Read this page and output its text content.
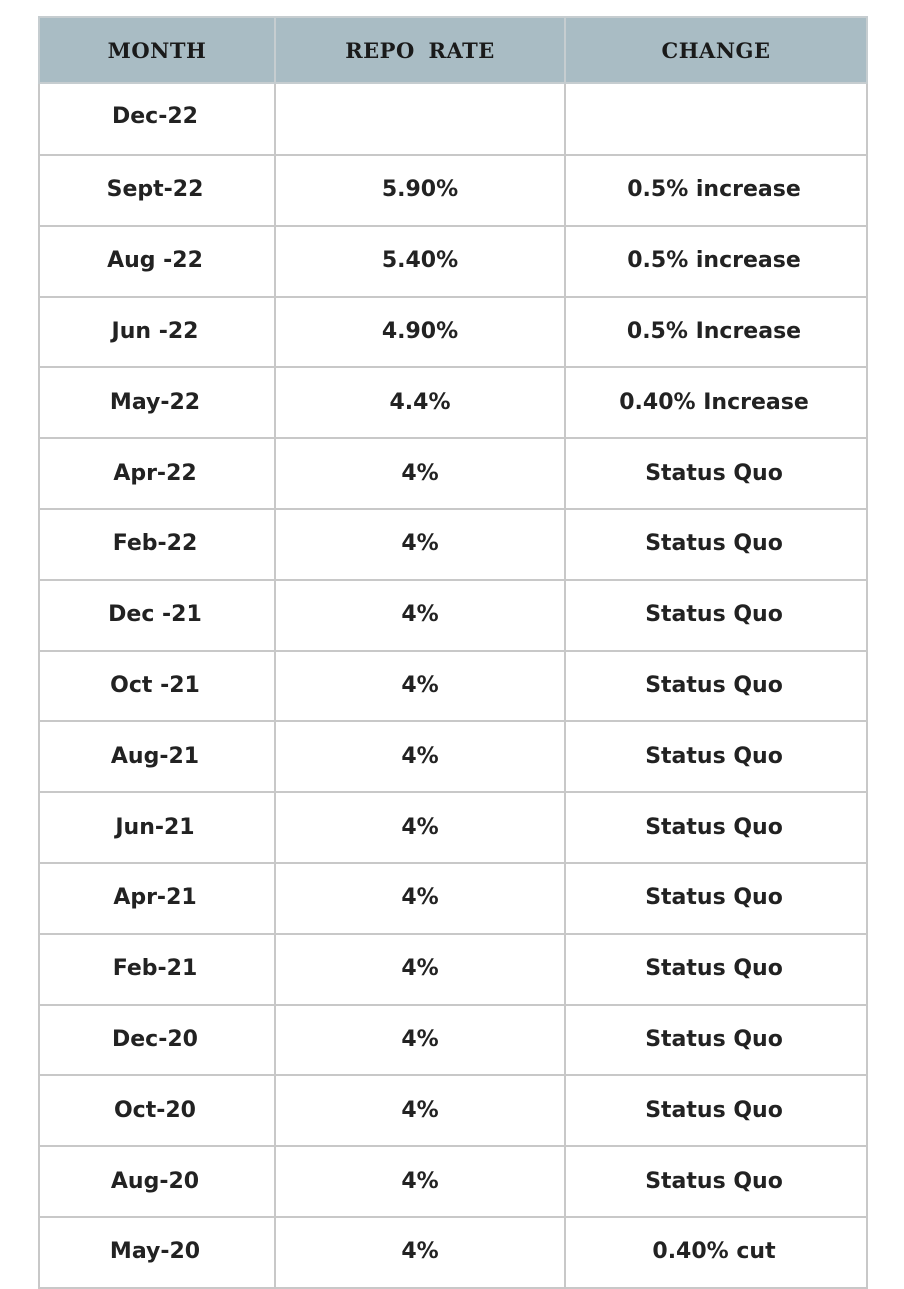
MONTH	REPO RATE	CHANGE
Dec-22		
Sept-22	5.90%	0.5% increase
Aug -22	5.40%	0.5% increase
Jun -22	4.90%	0.5% Increase
May-22	4.4%	0.40% Increase
Apr-22	4%	Status Quo
Feb-22	4%	Status Quo
Dec -21	4%	Status Quo
Oct -21	4%	Status Quo
Aug-21	4%	Status Quo
Jun-21	4%	Status Quo
Apr-21	4%	Status Quo
Feb-21	4%	Status Quo
Dec-20	4%	Status Quo
Oct-20	4%	Status Quo
Aug-20	4%	Status Quo
May-20	4%	0.40% cut
